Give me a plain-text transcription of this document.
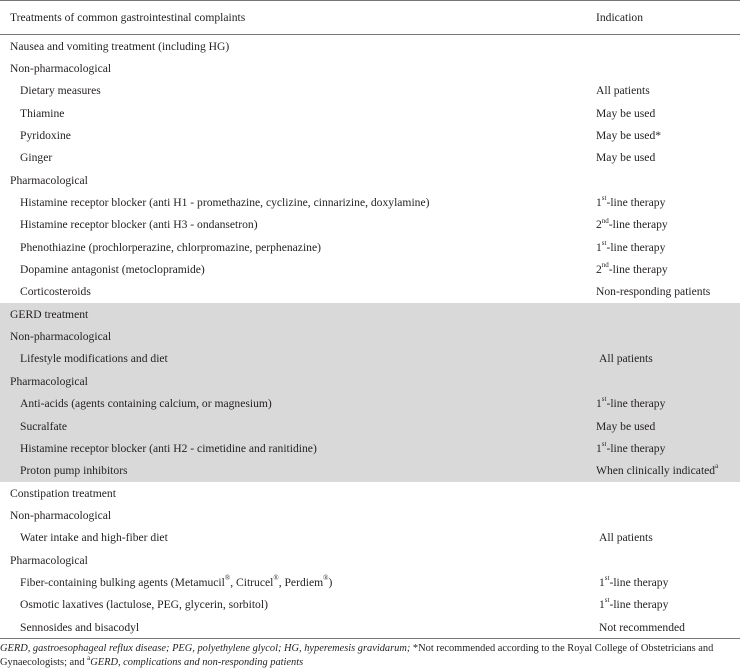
Treatments of common gastrointestinal complaints	Indication
Nausea and vomiting treatment (including HG)	
Non-pharmacological	
Dietary measures	All patients
Thiamine	May be used
Pyridoxine	May be used*
Ginger	May be used
Pharmacological	
Histamine receptor blocker (anti H1 - promethazine, cyclizine, cinnarizine, doxylamine)	1st-line therapy
Histamine receptor blocker (anti H3 - ondansetron)	2nd-line therapy
Phenothiazine (prochlorperazine, chlorpromazine, perphenazine)	1st-line therapy
Dopamine antagonist (metoclopramide)	2nd-line therapy
Corticosteroids	Non-responding patients
GERD treatment	
Non-pharmacological	
Lifestyle modifications and diet	All patients
Pharmacological	
Anti-acids (agents containing calcium, or magnesium)	1st-line therapy
Sucralfate	May be used
Histamine receptor blocker (anti H2 - cimetidine and ranitidine)	1st-line therapy
Proton pump inhibitors	When clinically indicated$^a$
Constipation treatment	
Non-pharmacological	
Water intake and high-fiber diet	All patients
Pharmacological	
Fiber-containing bulking agents (Metamucil®, Citrucel®, Perdiem®)	1st-line therapy
Osmotic laxatives (lactulose, PEG, glycerin, sorbitol)	1st-line therapy
Sennosides and bisacodyl	Not recommended

GERD, gastroesophageal reflux disease; PEG, polyethylene glycol; HG, hyperemesis gravidarum; *Not recommended according to the Royal College of Obstetricians and Gynaecologists; and $^a$GERD, complications and non-responding patients
